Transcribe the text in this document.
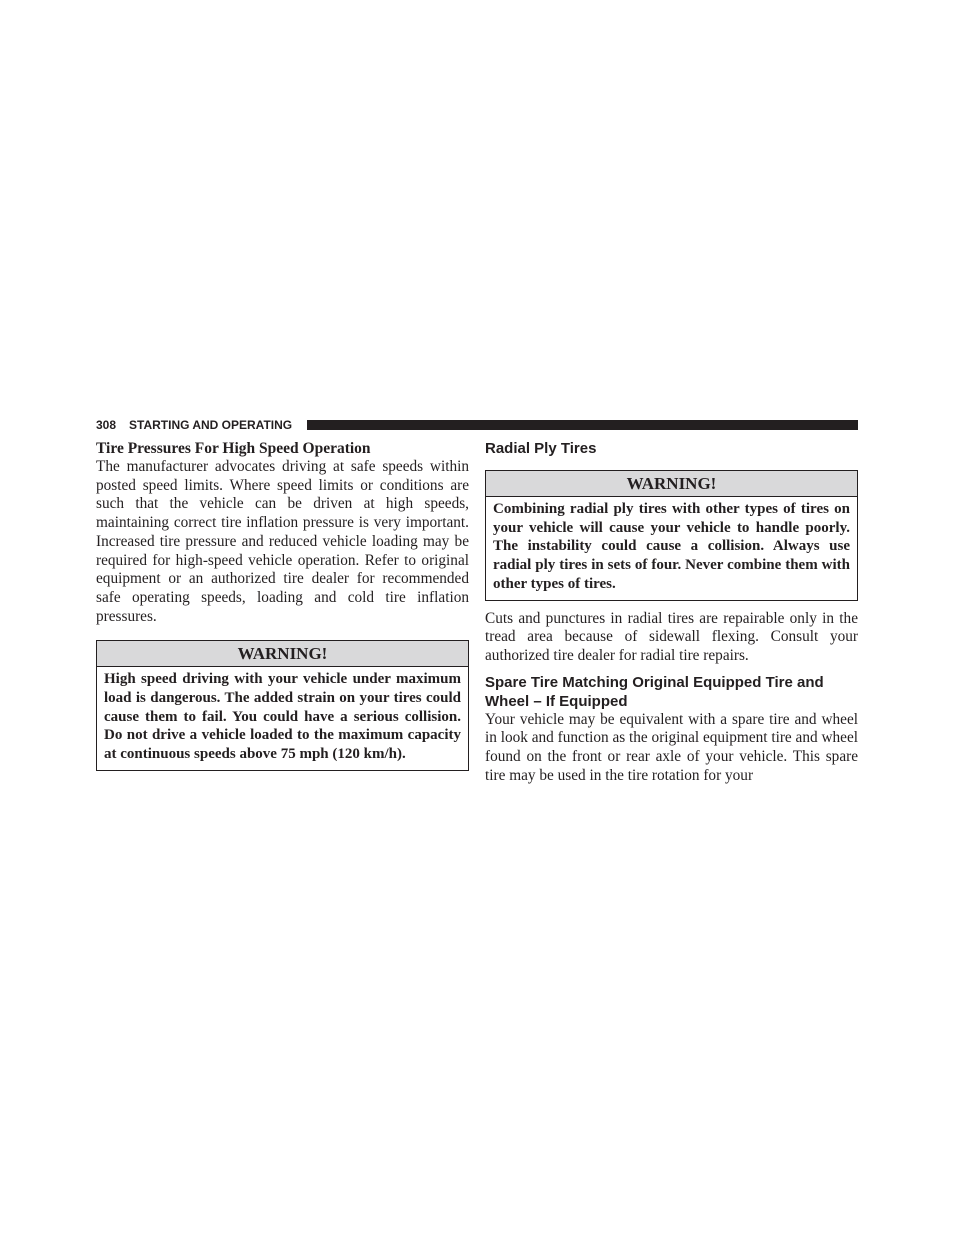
308 STARTING AND OPERATING
Tire Pressures For High Speed Operation

The manufacturer advocates driving at safe speeds within posted speed limits. Where speed limits or conditions are such that the vehicle can be driven at high speeds, maintaining correct tire inflation pressure is very important. Increased tire pressure and reduced vehicle loading may be required for high-speed vehicle operation. Refer to original equipment or an authorized tire dealer for recommended safe operating speeds, loading and cold tire inflation pressures.

WARNING!
High speed driving with your vehicle under maximum load is dangerous. The added strain on your tires could cause them to fail. You could have a serious collision. Do not drive a vehicle loaded to the maximum capacity at continuous speeds above 75 mph (120 km/h).
Radial Ply Tires
WARNING!
Combining radial ply tires with other types of tires on your vehicle will cause your vehicle to handle poorly. The instability could cause a collision. Always use radial ply tires in sets of four. Never combine them with other types of tires.

Cuts and punctures in radial tires are repairable only in the tread area because of sidewall flexing. Consult your authorized tire dealer for radial tire repairs.

Spare Tire Matching Original Equipped Tire and Wheel – If Equipped

Your vehicle may be equivalent with a spare tire and wheel in look and function as the original equipment tire and wheel found on the front or rear axle of your vehicle. This spare tire may be used in the tire rotation for your
